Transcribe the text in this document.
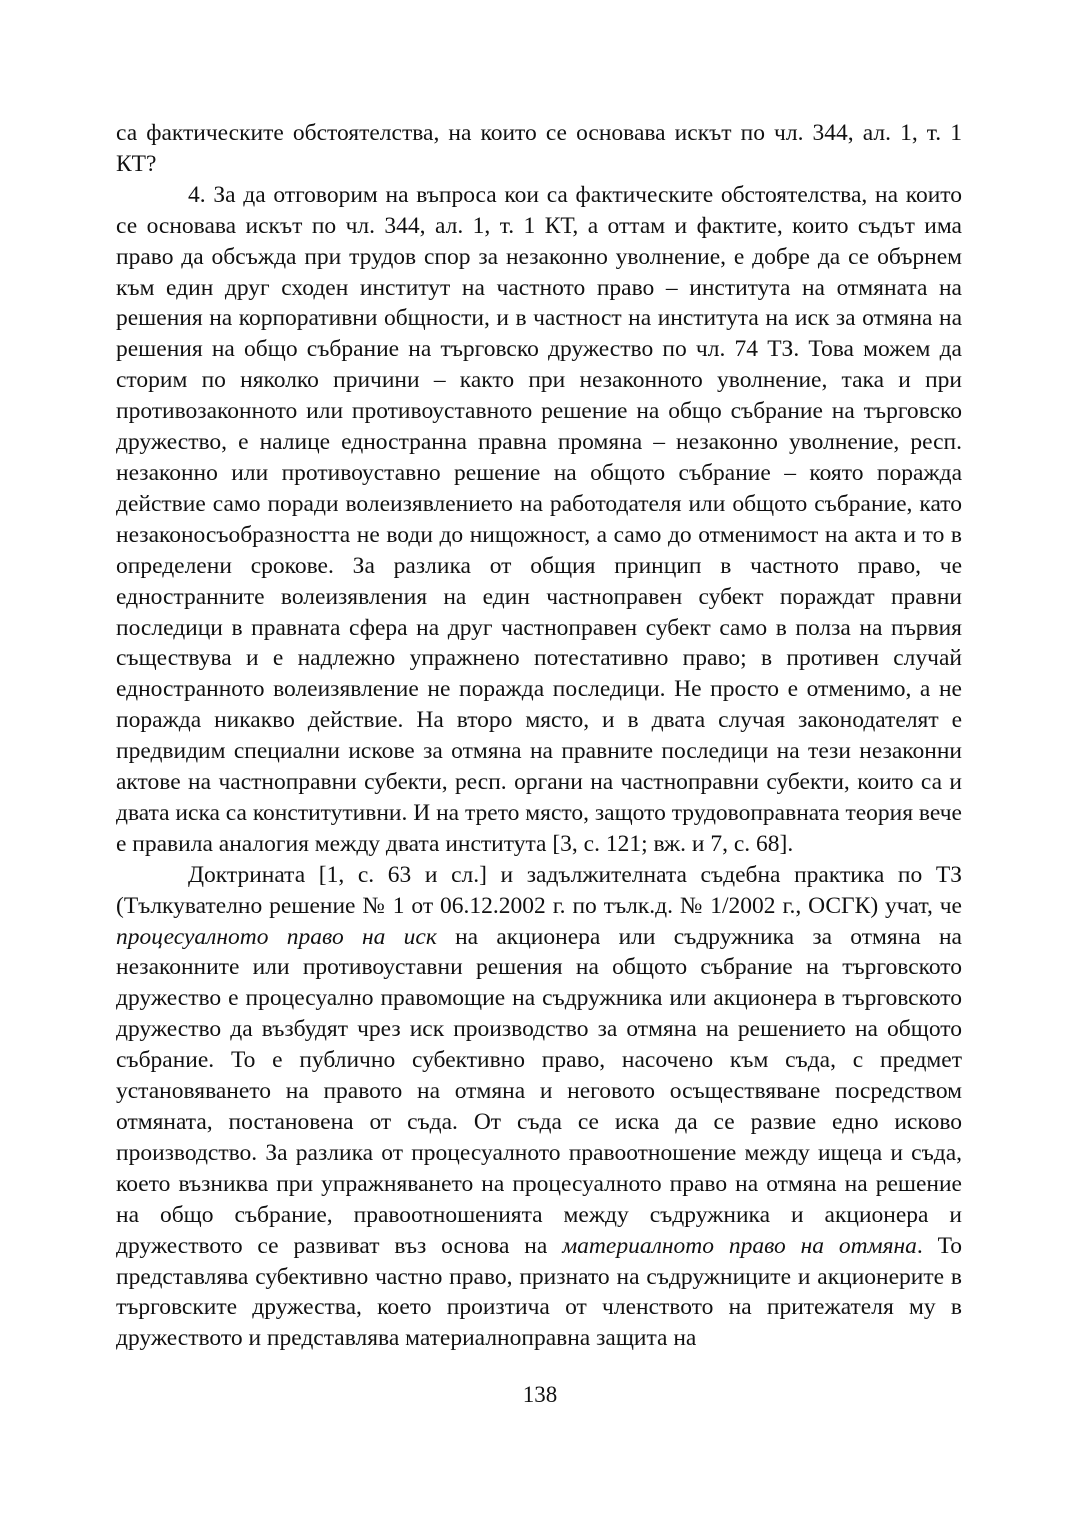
са фактическите обстоятелства, на които се основава искът по чл. 344, ал. 1, т. 1 КТ?

4. За да отговорим на въпроса кои са фактическите обстоятелства, на които се основава искът по чл. 344, ал. 1, т. 1 КТ, а оттам и фактите, които съдът има право да обсъжда при трудов спор за незаконно уволнение, е добре да се обърнем към един друг сходен институт на частното право – института на отмяната на решения на корпоративни общности, и в частност на института на иск за отмяна на решения на общо събрание на търговско дружество по чл. 74 ТЗ. Това можем да сторим по няколко причини – както при незаконното уволнение, така и при противозаконното или противоуставното решение на общо събрание на търговско дружество, е налице едностранна правна промяна – незаконно уволнение, респ. незаконно или противоуставно решение на общото събрание – която поражда действие само поради волеизявлението на работодателя или общото събрание, като незаконосъобразността не води до нищожност, а само до отменимост на акта и то в определени срокове. За разлика от общия принцип в частното право, че едностранните волеизявления на един частноправен субект пораждат правни последици в правната сфера на друг частноправен субект само в полза на първия съществува и е надлежно упражнено потестативно право; в противен случай едностранното волеизявление не поражда последици. Не просто е отменимо, а не поражда никакво действие. На второ място, и в двата случая законодателят е предвидим специални искове за отмяна на правните последици на тези незаконни актове на частноправни субекти, респ. органи на частноправни субекти, които са и двата иска са конститутивни. И на трето място, защото трудовоправната теория вече е правила аналогия между двата института [3, с. 121; вж. и 7, с. 68].

Доктрината [1, с. 63 и сл.] и задължителната съдебна практика по ТЗ (Тълкувателно решение № 1 от 06.12.2002 г. по тълк.д. № 1/2002 г., ОСГК) учат, че процесуалното право на иск на акционера или съдружника за отмяна на незаконните или противоуставни решения на общото събрание на търговското дружество е процесуално правомощие на съдружника или акционера в търговското дружество да възбудят чрез иск производство за отмяна на решението на общото събрание. То е публично субективно право, насочено към съда, с предмет установяването на правото на отмяна и неговото осъществяване посредством отмяната, постановена от съда. От съда се иска да се развие едно исково производство. За разлика от процесуалното правоотношение между ищеца и съда, което възниква при упражняването на процесуалното право на отмяна на решение на общо събрание, правоотношенията между съдружника и акционера и дружеството се развиват въз основа на материалното право на отмяна. То представлява субективно частно право, признато на съдружниците и акционерите в търговските дружества, което произтича от членството на притежателя му в дружеството и представлява материалноправна защита на

138
